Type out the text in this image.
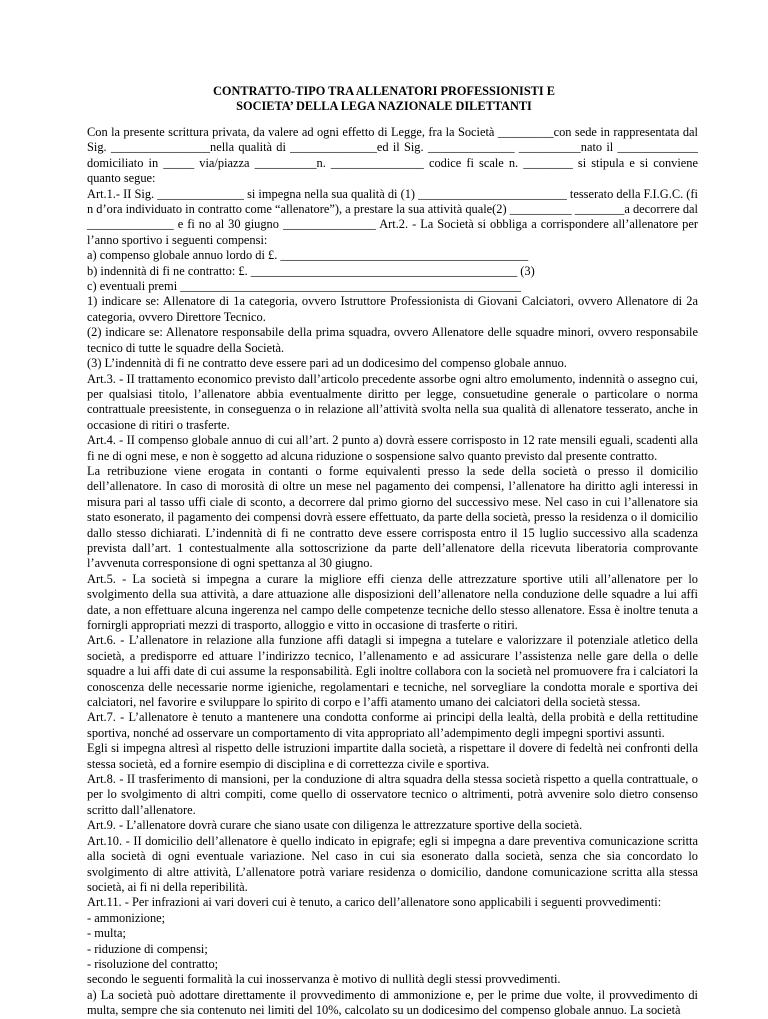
CONTRATTO-TIPO TRA ALLENATORI PROFESSIONISTI E
SOCIETA’ DELLA LEGA NAZIONALE DILETTANTI

Con la presente scrittura privata, da valere ad ogni effetto di Legge, fra la Società _________con sede in rappresentata dal Sig. ________________nella qualità di ______________ed il Sig. ______________ __________nato il _____________ domiciliato in _____ via/piazza __________n. _______________ codice fi scale n. ________ si stipula e si conviene quanto segue:

Art.1.- II Sig. ______________ si impegna nella sua qualità di (1) ________________________ tesserato della F.I.G.C. (fi n d’ora individuato in contratto come “allenatore”), a prestare la sua attività quale(2) __________ ________a decorrere dal ______________ e fi no al 30 giugno _______________ Art.2. - La Società si obbliga a corrispondere all’allenatore per l’anno sportivo i seguenti compensi:

a) compenso globale annuo lordo di £. ________________________________________

b) indennità di fi ne contratto: £. ___________________________________________ (3)

c) eventuali premi _______________________________________________________

1) indicare se: Allenatore di 1a categoria, ovvero Istruttore Professionista di Giovani Calciatori, ovvero Allenatore di 2a categoria, ovvero Direttore Tecnico.

(2) indicare se: Allenatore responsabile della prima squadra, ovvero Allenatore delle squadre minori, ovvero responsabile tecnico di tutte le squadre della Società.

(3) L’indennità di fi ne contratto deve essere pari ad un dodicesimo del compenso globale annuo.

Art.3. - II trattamento economico previsto dall’articolo precedente assorbe ogni altro emolumento, indennità o assegno cui, per qualsiasi titolo, l’allenatore abbia eventualmente diritto per legge, consuetudine generale o particolare o norma contrattuale preesistente, in conseguenza o in relazione all’attività svolta nella sua qualità di allenatore tesserato, anche in occasione di ritiri o trasferte.

Art.4. - II compenso globale annuo di cui all’art. 2 punto a) dovrà essere corrisposto in 12 rate mensili eguali, scadenti alla fi ne di ogni mese, e non è soggetto ad alcuna riduzione o sospensione salvo quanto previsto dal presente contratto.

La retribuzione viene erogata in contanti o forme equivalenti presso la sede della società o presso il domicilio dell’allenatore. In caso di morosità di oltre un mese nel pagamento dei compensi, l’allenatore ha diritto agli interessi in misura pari al tasso uffi ciale di sconto, a decorrere dal primo giorno del successivo mese. Nel caso in cui l’allenatore sia stato esonerato, il pagamento dei compensi dovrà essere effettuato, da parte della società, presso la residenza o il domicilio dallo stesso dichiarati. L’indennità di fi ne contratto deve essere corrisposta entro il 15 luglio successivo alla scadenza prevista dall’art. 1 contestualmente alla sottoscrizione da parte dell’allenatore della ricevuta liberatoria comprovante l’avvenuta corresponsione di ogni spettanza al 30 giugno.

Art.5. - La società si impegna a curare la migliore effi cienza delle attrezzature sportive utili all’allenatore per lo svolgimento della sua attività, a dare attuazione alle disposizioni dell’allenatore nella conduzione delle squadre a lui affi date, a non effettuare alcuna ingerenza nel campo delle competenze tecniche dello stesso allenatore. Essa è inoltre tenuta a fornirgli appropriati mezzi di trasporto, alloggio e vitto in occasione di trasferte o ritiri.

Art.6. - L’allenatore in relazione alla funzione affi datagli si impegna a tutelare e valorizzare il potenziale atletico della società, a predisporre ed attuare l’indirizzo tecnico, l’allenamento e ad assicurare l’assistenza nelle gare della o delle squadre a lui affi date di cui assume la responsabilità. Egli inoltre collabora con la società nel promuovere fra i calciatori la conoscenza delle necessarie norme igieniche, regolamentari e tecniche, nel sorvegliare la condotta morale e sportiva dei calciatori, nel favorire e sviluppare lo spirito di corpo e l’affi atamento umano dei calciatori della società stessa.

Art.7. - L’allenatore è tenuto a mantenere una condotta conforme ai principi della lealtà, della probità e della rettitudine sportiva, nonché ad osservare un comportamento di vita appropriato all’adempimento degli impegni sportivi assunti.

Egli si impegna altresì al rispetto delle istruzioni impartite dalla società, a rispettare il dovere di fedeltà nei confronti della stessa società, ed a fornire esempio di disciplina e di correttezza civile e sportiva.

Art.8. - II trasferimento di mansioni, per la conduzione di altra squadra della stessa società rispetto a quella contrattuale, o per lo svolgimento di altri compiti, come quello di osservatore tecnico o altrimenti, potrà avvenire solo dietro consenso scritto dall’allenatore.

Art.9. - L’allenatore dovrà curare che siano usate con diligenza le attrezzature sportive della società.

Art.10. - II domicilio dell’allenatore è quello indicato in epigrafe; egli si impegna a dare preventiva comunicazione scritta alla società di ogni eventuale variazione. Nel caso in cui sia esonerato dalla società, senza che sia concordato lo svolgimento di altre attività, L’allenatore potrà variare residenza o domicilio, dandone comunicazione scritta alla stessa società, ai fi ni della reperibilità.

Art.11. - Per infrazioni ai vari doveri cui è tenuto, a carico dell’allenatore sono applicabili i seguenti provvedimenti:

- ammonizione;

- multa;

- riduzione di compensi;

- risoluzione del contratto;

secondo le seguenti formalità la cui inosservanza è motivo di nullità degli stessi provvedimenti.

a) La società può adottare direttamente il provvedimento di ammonizione e, per le prime due volte, il provvedimento di multa, sempre che sia contenuto nei limiti del 10%, calcolato su un dodicesimo del compenso globale annuo. La società
